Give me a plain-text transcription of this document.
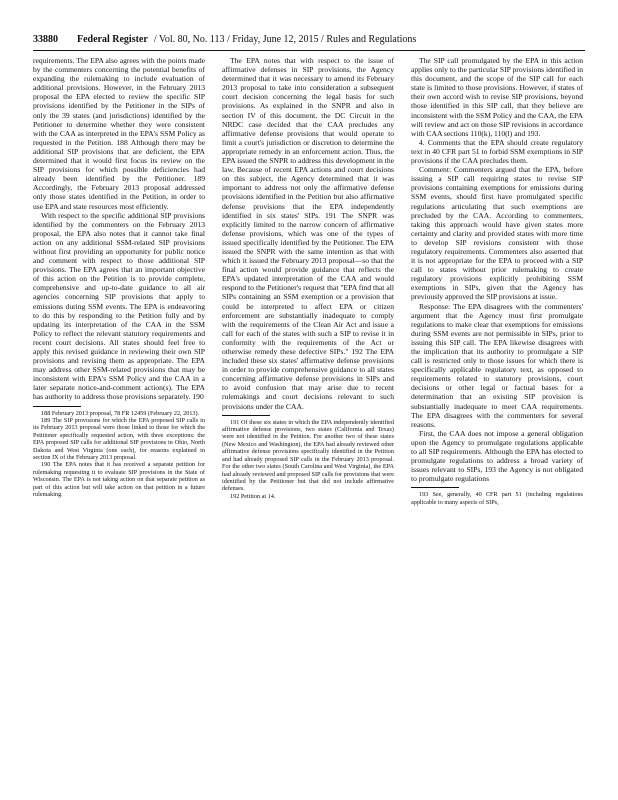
33880	Federal Register / Vol. 80, No. 113 / Friday, June 12, 2015 / Rules and Regulations

requirements. The EPA also agrees with the points made by the commenters concerning the potential benefits of expanding the rulemaking to include evaluation of additional provisions. However, in the February 2013 proposal the EPA elected to review the specific SIP provisions identified by the Petitioner in the SIPs of only the 39 states (and jurisdictions) identified by the Petitioner to determine whether they were consistent with the CAA as interpreted in the EPA's SSM Policy as requested in the Petition. 188 Although there may be additional SIP provisions that are deficient, the EPA determined that it would first focus its review on the SIP provisions for which possible deficiencies had already been identified by the Petitioner. 189 Accordingly, the February 2013 proposal addressed only those states identified in the Petition, in order to use EPA and state resources most efficiently.

With respect to the specific additional SIP provisions identified by the commenters on the February 2013 proposal, the EPA also notes that it cannot take final action on any additional SSM-related SIP provisions without first providing an opportunity for public notice and comment with respect to those additional SIP provisions. The EPA agrees that an important objective of this action on the Petition is to provide complete, comprehensive and up-to-date guidance to all air agencies concerning SIP provisions that apply to emissions during SSM events. The EPA is endeavoring to do this by responding to the Petition fully and by updating its interpretation of the CAA in the SSM Policy to reflect the relevant statutory requirements and recent court decisions. All states should feel free to apply this revised guidance in reviewing their own SIP provisions and revising them as appropriate. The EPA may address other SSM-related provisions that may be inconsistent with EPA's SSM Policy and the CAA in a later separate notice-and-comment action(s). The EPA has authority to address those provisions separately. 190

188 February 2013 proposal, 78 FR 12459 (February 22, 2013).

189 The SIP provisions for which the EPA proposed SIP calls in its February 2013 proposal were those linked to those for which the Petitioner specifically requested action, with three exceptions: the EPA proposed SIP calls for additional SIP provisions in Ohio, North Dakota and West Virginia (one each), for reasons explained in section IX of the February 2013 proposal.

190 The EPA notes that it has received a separate petition for rulemaking requesting it to evaluate SIP provisions in the State of Wisconsin. The EPA is not taking action on that separate petition as part of this action but will take action on that petition in a future rulemaking.

The EPA notes that with respect to the issue of affirmative defenses in SIP provisions, the Agency determined that it was necessary to amend its February 2013 proposal to take into consideration a subsequent court decision concerning the legal basis for such provisions. As explained in the SNPR and also in section IV of this document, the DC Circuit in the NRDC case decided that the CAA precludes any affirmative defense provisions that would operate to limit a court's jurisdiction or discretion to determine the appropriate remedy in an enforcement action. Thus, the EPA issued the SNPR to address this development in the law. Because of recent EPA actions and court decisions on this subject, the Agency determined that it was important to address not only the affirmative defense provisions identified in the Petition but also affirmative defense provisions that the EPA independently identified in six states' SIPs. 191 The SNPR was explicitly limited to the narrow concern of affirmative defense provisions, which was one of the types of issued specifically identified by the Petitioner. The EPA issued the SNPR with the same intention as that with which it issued the February 2013 proposal—so that the final action would provide guidance that reflects the EPA's updated interpretation of the CAA and would respond to the Petitioner's request that "EPA find that all SIPs containing an SSM exemption or a provision that could be interpreted to affect EPA or citizen enforcement are substantially inadequate to comply with the requirements of the Clean Air Act and issue a call for each of the states with such a SIP to revise it in conformity with the requirements of the Act or otherwise remedy these defective SIPs." 192 The EPA included these six states' affirmative defense provisions in order to provide comprehensive guidance to all states concerning affirmative defense provisions in SIPs and to avoid confusion that may arise due to recent rulemakings and court decisions relevant to such provisions under the CAA.

191 Of these six states in which the EPA independently identified affirmative defense provisions, two states (California and Texas) were not identified in the Petition. For another two of these states (New Mexico and Washington), the EPA had already reviewed other affirmative defense provisions specifically identified in the Petition and had already proposed SIP calls in the February 2013 proposal. For the other two states (South Carolina and West Virginia), the EPA had already reviewed and proposed SIP calls for provisions that were identified by the Petitioner but that did not include affirmative defenses.

192 Petition at 14.

The SIP call promulgated by the EPA in this action applies only to the particular SIP provisions identified in this document, and the scope of the SIP call for each state is limited to those provisions. However, if states of their own accord wish to revise SIP provisions, beyond those identified in this SIP call, that they believe are inconsistent with the SSM Policy and the CAA, the EPA will review and act on those SIP revisions in accordance with CAA sections 110(k), 110(l) and 193.

4. Comments that the EPA should create regulatory text in 40 CFR part 51 to forbid SSM exemptions in SIP provisions if the CAA precludes them.

Comment: Commenters argued that the EPA, before issuing a SIP call requiring states to revise SIP provisions containing exemptions for emissions during SSM events, should first have promulgated specific regulations articulating that such exemptions are precluded by the CAA. According to commenters, taking this approach would have given states more certainty and clarity and provided states with more time to develop SIP revisions consistent with those regulatory requirements. Commenters also asserted that it is not appropriate for the EPA to proceed with a SIP call to states without prior rulemaking to create regulatory provisions explicitly prohibiting SSM exemptions in SIPs, given that the Agency has previously approved the SIP provisions at issue.

Response: The EPA disagrees with the commenters' argument that the Agency must first promulgate regulations to make clear that exemptions for emissions during SSM events are not permissible in SIPs, prior to issuing this SIP call. The EPA likewise disagrees with the implication that its authority to promulgate a SIP call is restricted only to those issues for which there is specifically applicable regulatory text, as opposed to requirements related to statutory provisions, court decisions or other legal or factual bases for a determination that an existing SIP provision is substantially inadequate to meet CAA requirements. The EPA disagrees with the commenters for several reasons.

First, the CAA does not impose a general obligation upon the Agency to promulgate regulations applicable to all SIP requirements. Although the EPA has elected to promulgate regulations to address a broad variety of issues relevant to SIPs, 193 the Agency is not obligated to promulgate regulations

193 See, generally, 40 CFR part 51 (including regulations applicable to many aspects of SIPs,
